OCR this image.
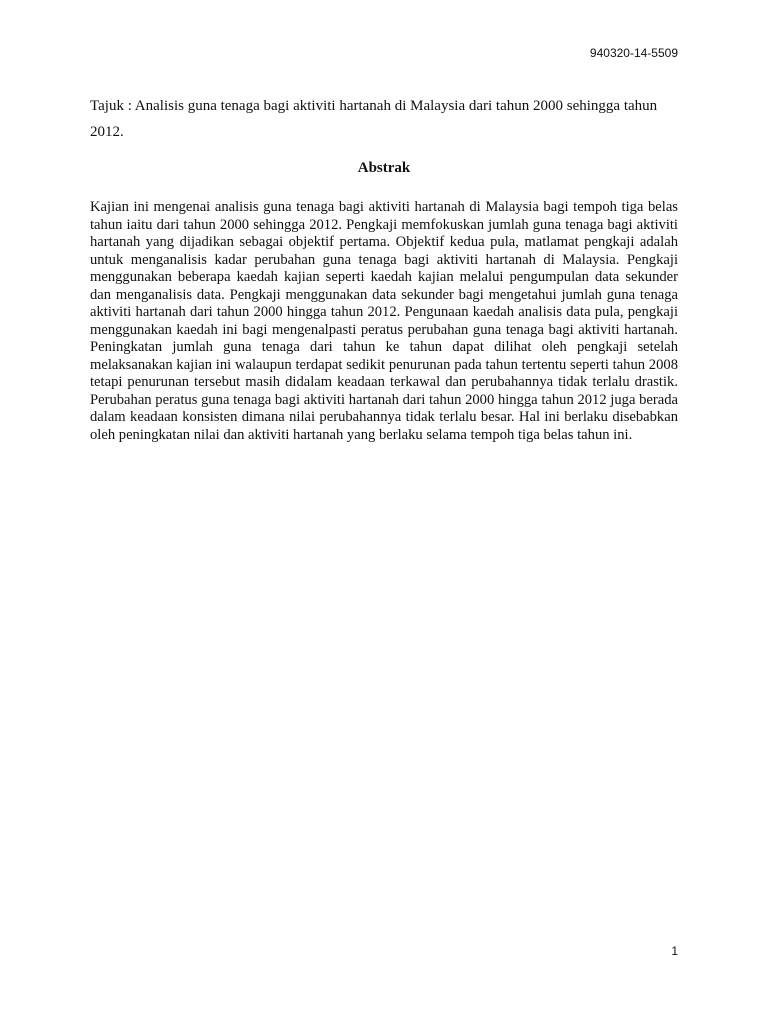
940320-14-5509
Tajuk : Analisis guna tenaga bagi aktiviti hartanah di Malaysia dari tahun 2000 sehingga tahun 2012.
Abstrak
Kajian ini mengenai analisis guna tenaga bagi aktiviti hartanah di Malaysia bagi tempoh tiga belas tahun iaitu dari tahun 2000 sehingga 2012. Pengkaji memfokuskan jumlah guna tenaga bagi aktiviti hartanah yang dijadikan sebagai objektif pertama. Objektif kedua pula, matlamat pengkaji adalah untuk menganalisis kadar perubahan guna tenaga bagi aktiviti hartanah di Malaysia. Pengkaji menggunakan beberapa kaedah kajian seperti kaedah kajian melalui pengumpulan data sekunder dan menganalisis data. Pengkaji menggunakan data sekunder bagi mengetahui jumlah guna tenaga aktiviti hartanah dari tahun 2000 hingga tahun 2012. Pengunaan kaedah analisis data pula, pengkaji menggunakan kaedah ini bagi mengenalpasti peratus perubahan guna tenaga bagi aktiviti hartanah. Peningkatan jumlah guna tenaga dari tahun ke tahun dapat dilihat oleh pengkaji setelah melaksanakan kajian ini walaupun terdapat sedikit penurunan pada tahun tertentu seperti tahun 2008 tetapi penurunan tersebut masih didalam keadaan terkawal dan perubahannya tidak terlalu drastik. Perubahan peratus guna tenaga bagi aktiviti hartanah dari tahun 2000 hingga tahun 2012 juga berada dalam keadaan konsisten dimana nilai perubahannya tidak terlalu besar. Hal ini berlaku disebabkan oleh peningkatan nilai dan aktiviti hartanah yang berlaku selama tempoh tiga belas tahun ini.
1
